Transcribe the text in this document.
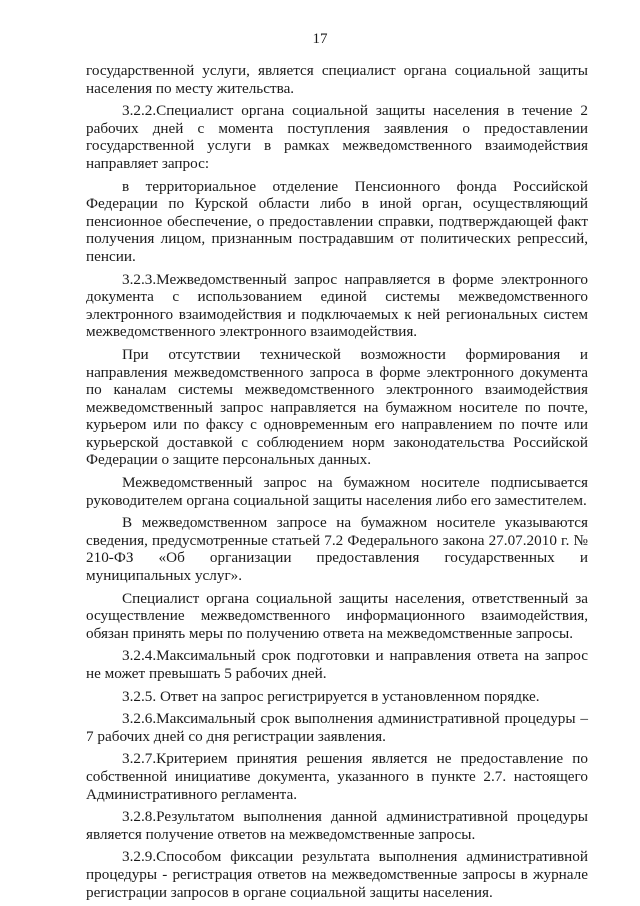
17

государственной услуги, является специалист органа социальной защиты населения по месту жительства.

3.2.2.Специалист органа социальной защиты населения в течение 2 рабочих дней с момента поступления заявления о предоставлении государственной услуги в рамках межведомственного взаимодействия направляет запрос:

в территориальное отделение Пенсионного фонда Российской Федерации по Курской области либо в иной орган, осуществляющий пенсионное обеспечение, о предоставлении справки, подтверждающей факт получения лицом, признанным пострадавшим от политических репрессий, пенсии.

3.2.3.Межведомственный запрос направляется в форме электронного документа с использованием единой системы межведомственного электронного взаимодействия и подключаемых к ней региональных систем межведомственного электронного взаимодействия.

При отсутствии технической возможности формирования и направления межведомственного запроса в форме электронного документа по каналам системы межведомственного электронного взаимодействия межведомственный запрос направляется на бумажном носителе по почте, курьером или по факсу с одновременным его направлением по почте или курьерской доставкой с соблюдением норм законодательства Российской Федерации о защите персональных данных.

Межведомственный запрос на бумажном носителе подписывается руководителем органа социальной защиты населения либо его заместителем.

В межведомственном запросе на бумажном носителе указываются сведения, предусмотренные статьей 7.2 Федерального закона 27.07.2010 г. № 210-ФЗ «Об организации предоставления государственных и муниципальных услуг».

Специалист органа социальной защиты населения, ответственный за осуществление межведомственного информационного взаимодействия, обязан принять меры по получению ответа на межведомственные запросы.

3.2.4.Максимальный срок подготовки и направления ответа на запрос не может превышать 5 рабочих дней.

3.2.5. Ответ на запрос регистрируется в установленном порядке.

3.2.6.Максимальный срок выполнения административной процедуры – 7 рабочих дней со дня регистрации заявления.

3.2.7.Критерием принятия решения является не предоставление по собственной инициативе документа, указанного в пункте 2.7. настоящего Административного регламента.

3.2.8.Результатом выполнения данной административной процедуры является получение ответов на межведомственные запросы.

3.2.9.Способом фиксации результата выполнения административной процедуры - регистрация ответов на межведомственные запросы в журнале регистрации запросов в органе социальной защиты населения.
